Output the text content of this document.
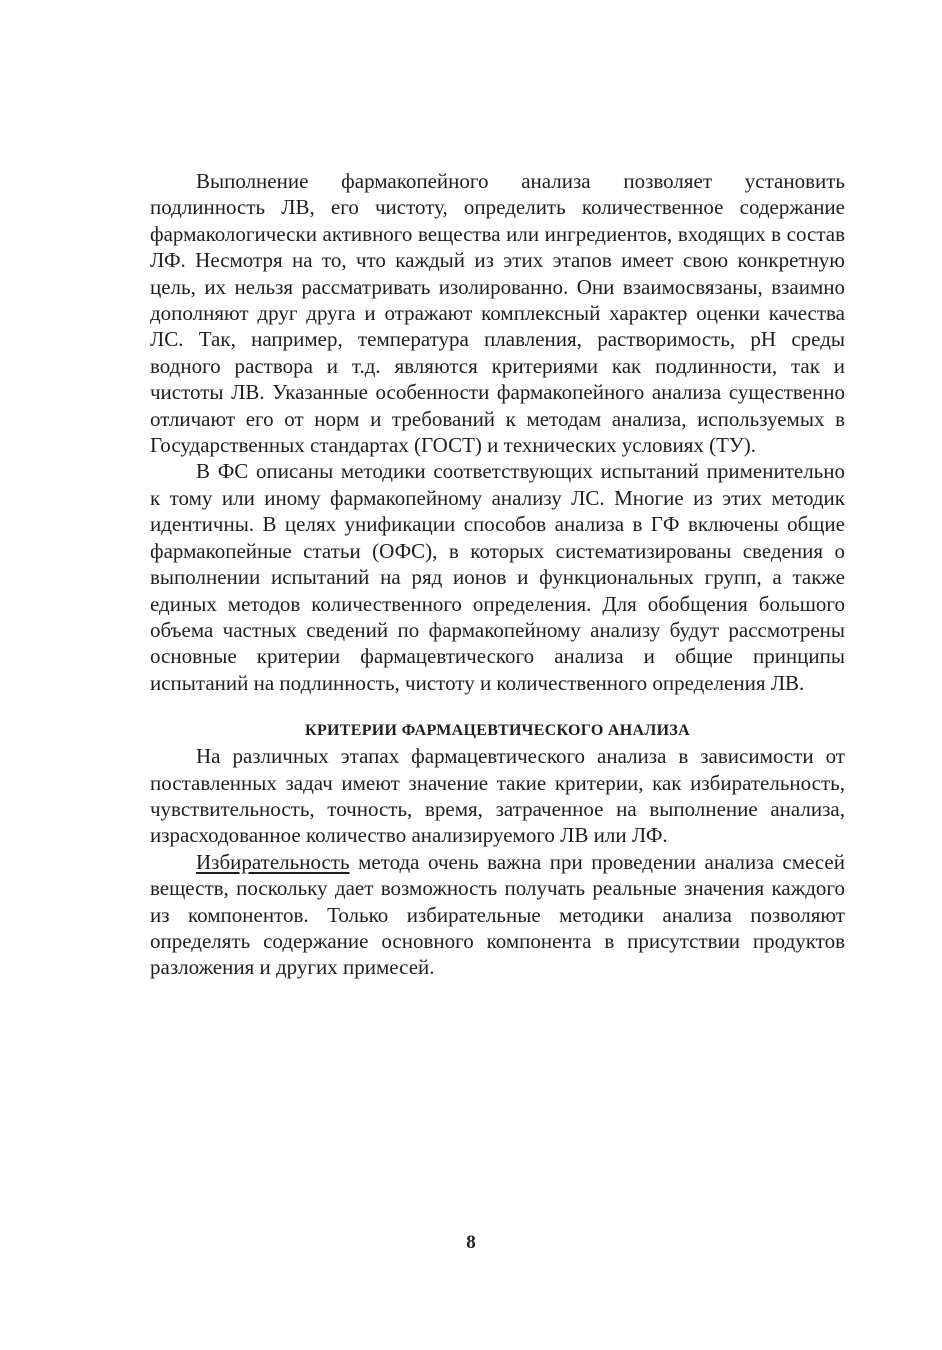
Выполнение фармакопейного анализа позволяет установить подлинность ЛВ, его чистоту, определить количественное содержание фармакологически активного вещества или ингредиентов, входящих в состав ЛФ. Несмотря на то, что каждый из этих этапов имеет свою конкретную цель, их нельзя рассматривать изолированно. Они взаимосвязаны, взаимно дополняют друг друга и отражают комплексный характер оценки качества ЛС. Так, например, температура плавления, растворимость, pH среды водного раствора и т.д. являются критериями как подлинности, так и чистоты ЛВ. Указанные особенности фармакопейного анализа существенно отличают его от норм и требований к методам анализа, используемых в Государственных стандартах (ГОСТ) и технических условиях (ТУ).

В ФС описаны методики соответствующих испытаний применительно к тому или иному фармакопейному анализу ЛС. Многие из этих методик идентичны. В целях унификации способов анализа в ГФ включены общие фармакопейные статьи (ОФС), в которых систематизированы сведения о выполнении испытаний на ряд ионов и функциональных групп, а также единых методов количественного определения. Для обобщения большого объема частных сведений по фармакопейному анализу будут рассмотрены основные критерии фармацевтического анализа и общие принципы испытаний на подлинность, чистоту и количественного определения ЛВ.

КРИТЕРИИ ФАРМАЦЕВТИЧЕСКОГО АНАЛИЗА

На различных этапах фармацевтического анализа в зависимости от поставленных задач имеют значение такие критерии, как избирательность, чувствительность, точность, время, затраченное на выполнение анализа, израсходованное количество анализируемого ЛВ или ЛФ.

Избирательность метода очень важна при проведении анализа смесей веществ, поскольку дает возможность получать реальные значения каждого из компонентов. Только избирательные методики анализа позволяют определять содержание основного компонента в присутствии продуктов разложения и других примесей.

8
